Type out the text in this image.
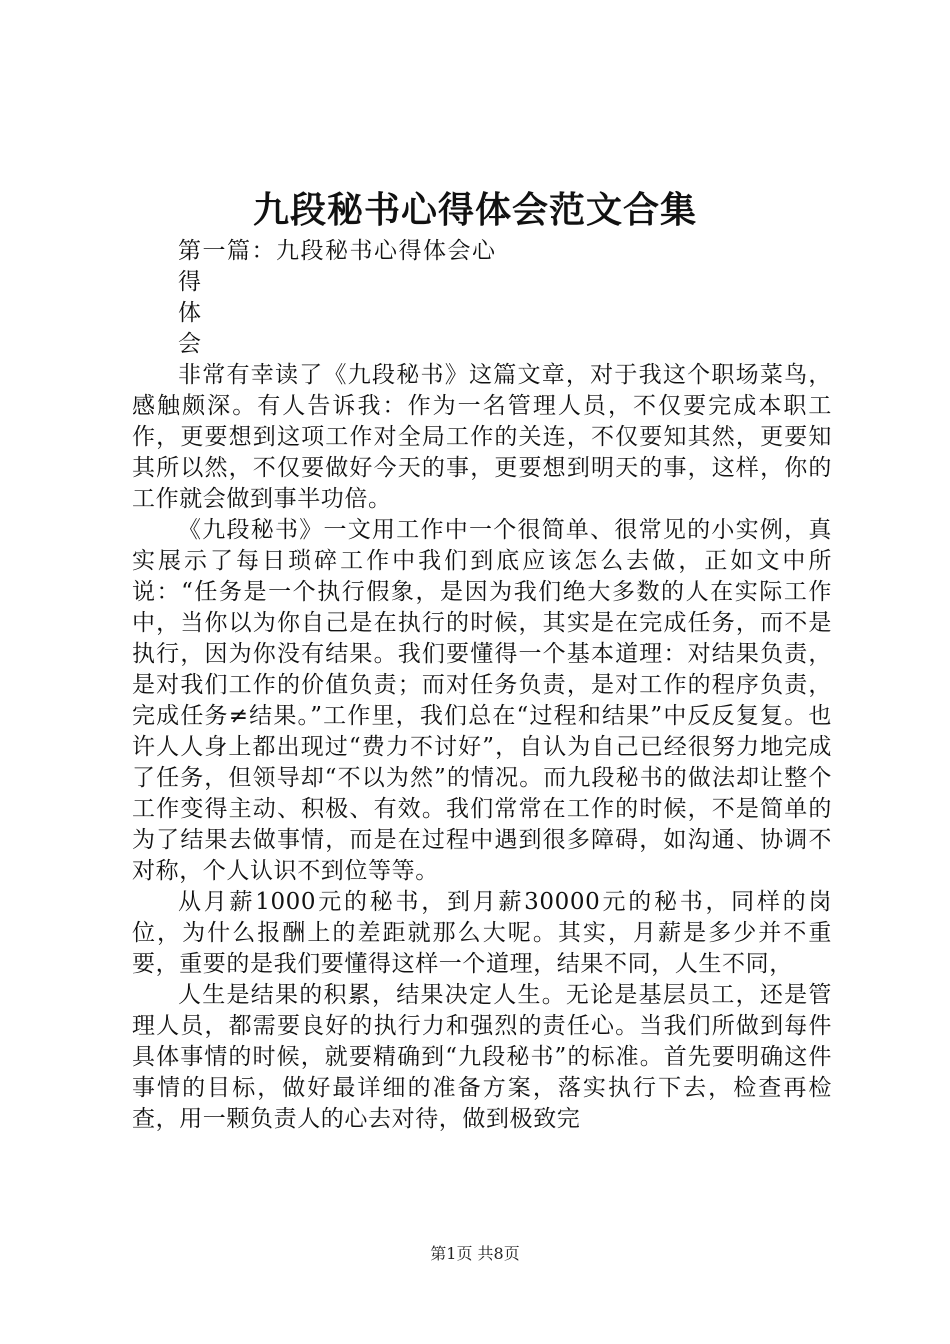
九段秘书心得体会范文合集

第一篇：九段秘书心得体会心

得

体

会

非常有幸读了《九段秘书》这篇文章，对于我这个职场菜鸟，感触颇深。有人告诉我：作为一名管理人员，不仅要完成本职工作，更要想到这项工作对全局工作的关连，不仅要知其然，更要知其所以然，不仅要做好今天的事，更要想到明天的事，这样，你的工作就会做到事半功倍。

《九段秘书》一文用工作中一个很简单、很常见的小实例，真实展示了每日琐碎工作中我们到底应该怎么去做，正如文中所说：“任务是一个执行假象，是因为我们绝大多数的人在实际工作中，当你以为你自己是在执行的时候，其实是在完成任务，而不是执行，因为你没有结果。我们要懂得一个基本道理：对结果负责，是对我们工作的价值负责；而对任务负责，是对工作的程序负责，完成任务≠结果。”工作里，我们总在“过程和结果”中反反复复。也许人人身上都出现过“费力不讨好”，自认为自己已经很努力地完成了任务，但领导却“不以为然”的情况。而九段秘书的做法却让整个工作变得主动、积极、有效。我们常常在工作的时候，不是简单的为了结果去做事情，而是在过程中遇到很多障碍，如沟通、协调不对称，个人认识不到位等等。

从月薪1000元的秘书，到月薪30000元的秘书，同样的岗位，为什么报酬上的差距就那么大呢。其实，月薪是多少并不重要，重要的是我们要懂得这样一个道理，结果不同，人生不同，

人生是结果的积累，结果决定人生。无论是基层员工，还是管理人员，都需要良好的执行力和强烈的责任心。当我们所做到每件具体事情的时候，就要精确到“九段秘书”的标准。首先要明确这件事情的目标，做好最详细的准备方案，落实执行下去，检查再检查，用一颗负责人的心去对待，做到极致完

第1页 共8页
